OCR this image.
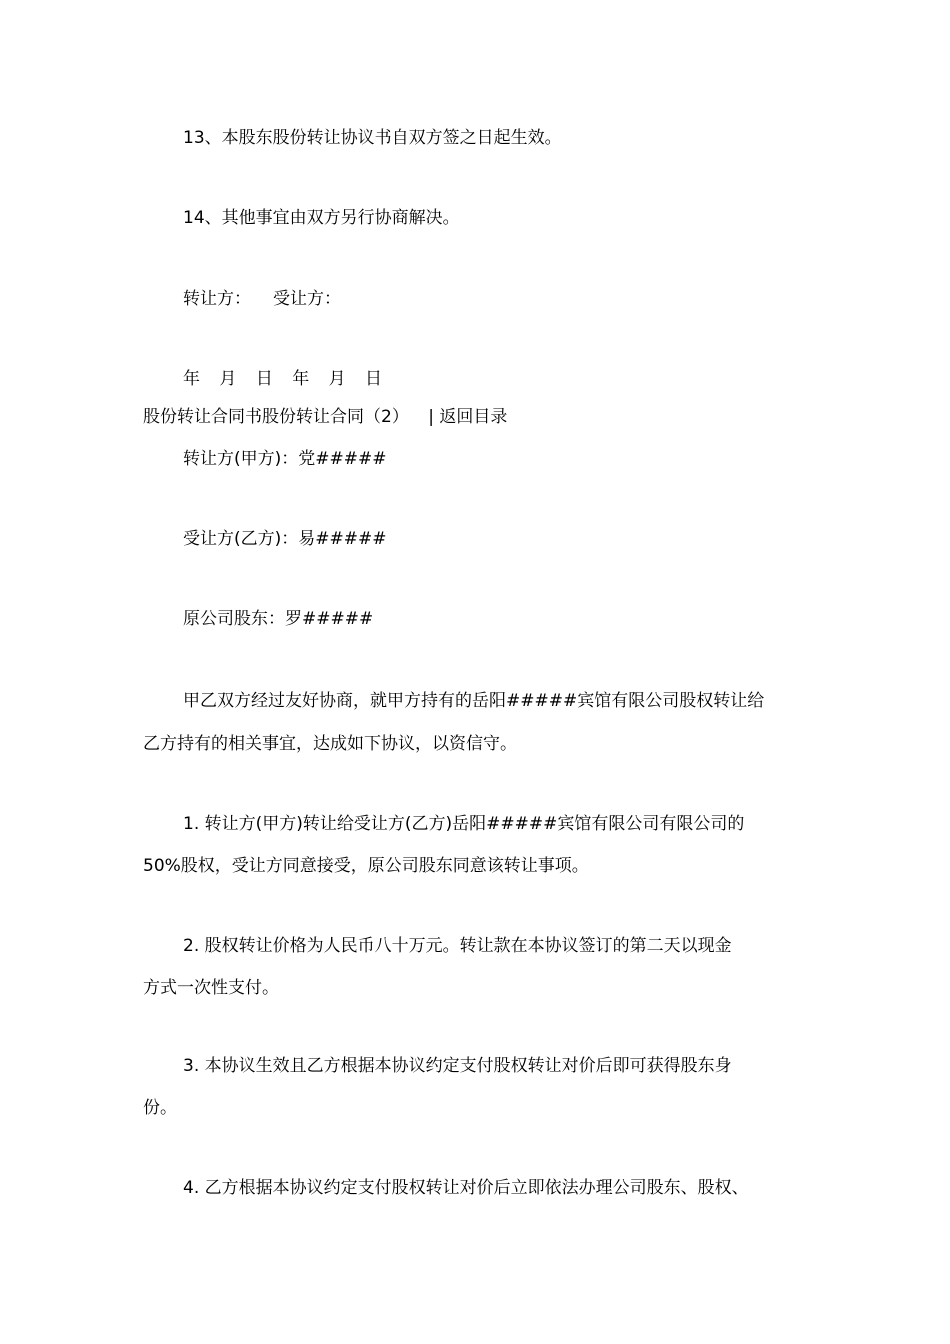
13、本股东股份转让协议书自双方签之日起生效。
14、其他事宜由双方另行协商解决。
转让方： 受让方：
年 月 日 年 月 日
股份转让合同书股份转让合同（2） | 返回目录
转让方(甲方)：党#####
受让方(乙方)：易#####
原公司股东：罗#####
甲乙双方经过友好协商，就甲方持有的岳阳#####宾馆有限公司股权转让给
乙方持有的相关事宜，达成如下协议，以资信守。
1. 转让方(甲方)转让给受让方(乙方)岳阳#####宾馆有限公司有限公司的
50%股权，受让方同意接受，原公司股东同意该转让事项。
2. 股权转让价格为人民币八十万元。转让款在本协议签订的第二天以现金
方式一次性支付。
3. 本协议生效且乙方根据本协议约定支付股权转让对价后即可获得股东身
份。
4. 乙方根据本协议约定支付股权转让对价后立即依法办理公司股东、股权、
